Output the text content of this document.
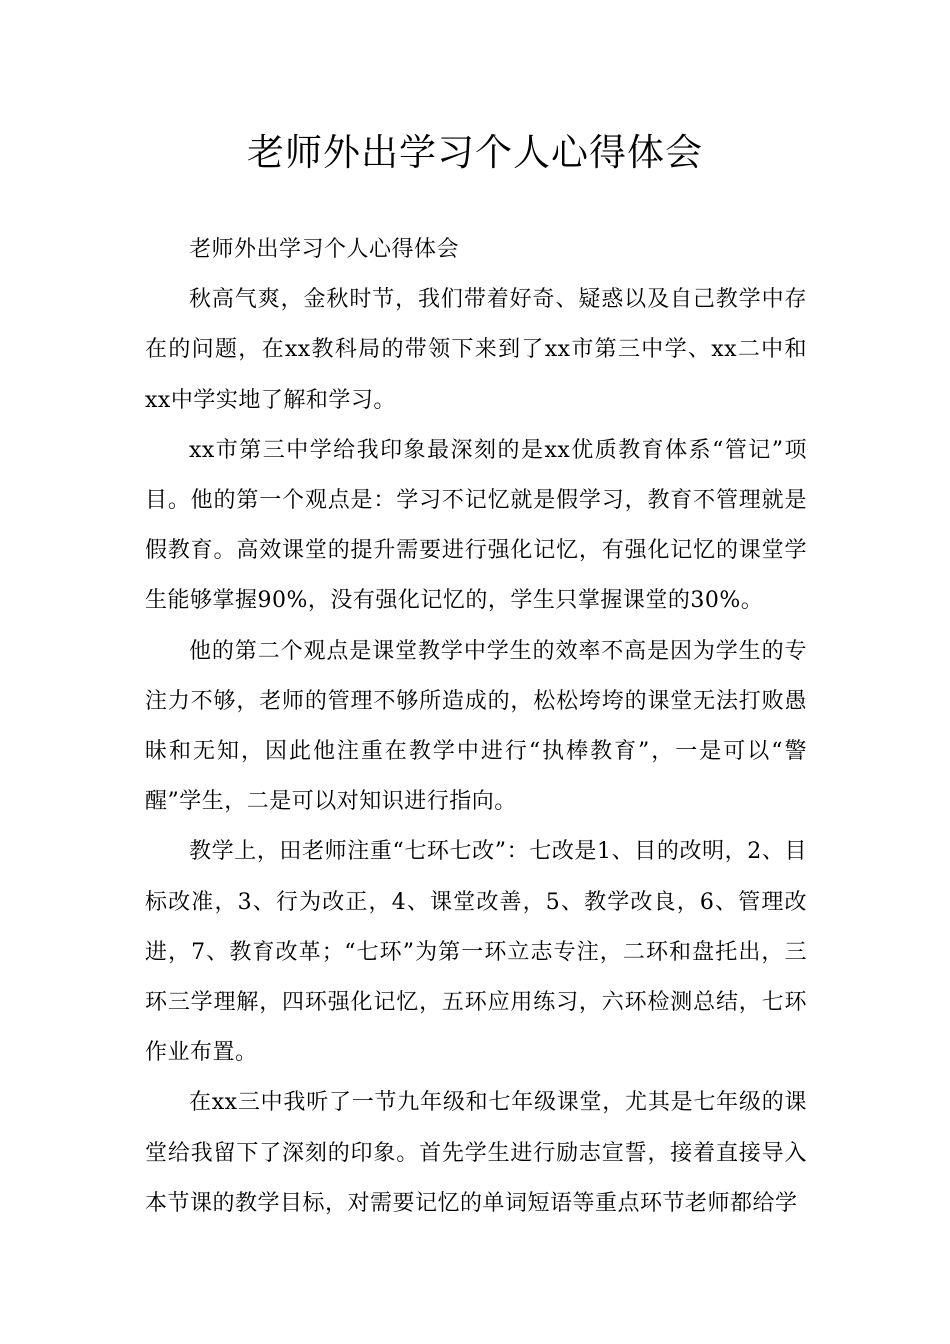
老师外出学习个人心得体会

老师外出学习个人心得体会

秋高气爽，金秋时节，我们带着好奇、疑惑以及自己教学中存在的问题，在xx教科局的带领下来到了xx市第三中学、xx二中和xx中学实地了解和学习。

xx市第三中学给我印象最深刻的是xx优质教育体系“管记”项目。他的第一个观点是：学习不记忆就是假学习，教育不管理就是假教育。高效课堂的提升需要进行强化记忆，有强化记忆的课堂学生能够掌握90%，没有强化记忆的，学生只掌握课堂的30%。

他的第二个观点是课堂教学中学生的效率不高是因为学生的专注力不够，老师的管理不够所造成的，松松垮垮的课堂无法打败愚昧和无知，因此他注重在教学中进行“执棒教育”，一是可以“警醒”学生，二是可以对知识进行指向。

教学上，田老师注重“七环七改”：七改是1、目的改明，2、目标改准，3、行为改正，4、课堂改善，5、教学改良，6、管理改进，7、教育改革；“七环”为第一环立志专注，二环和盘托出，三环三学理解，四环强化记忆，五环应用练习，六环检测总结，七环作业布置。

在xx三中我听了一节九年级和七年级课堂，尤其是七年级的课堂给我留下了深刻的印象。首先学生进行励志宣誓，接着直接导入本节课的教学目标，对需要记忆的单词短语等重点环节老师都给学
